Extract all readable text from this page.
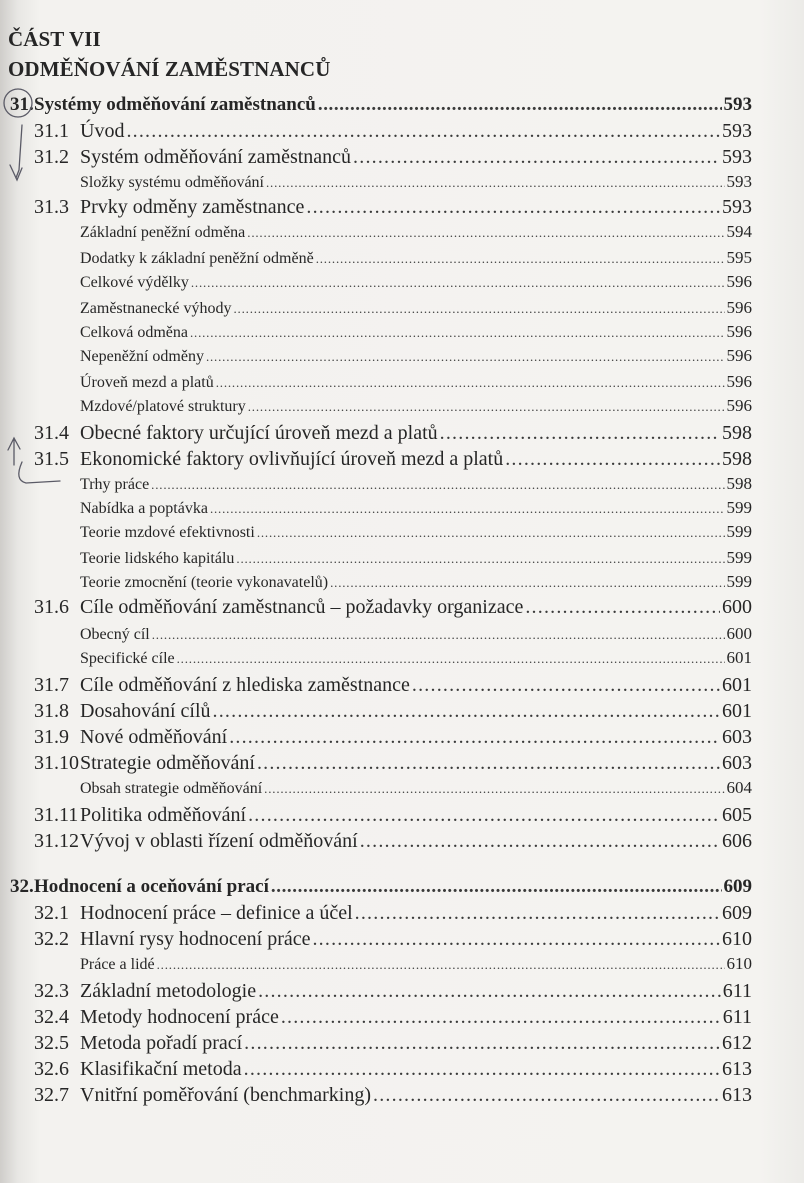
ČÁST VII
ODMĚŇOVÁNÍ ZAMĚSTNANCŮ
31. Systémy odměňování zaměstnanců .....	593
31.1 Úvod .....	593
31.2 Systém odměňování zaměstnanců .....	593
Složky systému odměňování .....	593
31.3 Prvky odměny zaměstnance .....	593
Základní peněžní odměna .....	594
Dodatky k základní peněžní odměně .....	595
Celkové výdělky .....	596
Zaměstnanecké výhody .....	596
Celková odměna .....	596
Nepeněžní odměny .....	596
Úroveň mezd a platů .....	596
Mzdové/platové struktury .....	596
31.4 Obecné faktory určující úroveň mezd a platů .....	598
31.5 Ekonomické faktory ovlivňující úroveň mezd a platů .....	598
Trhy práce .....	598
Nabídka a poptávka .....	599
Teorie mzdové efektivnosti .....	599
Teorie lidského kapitálu .....	599
Teorie zmocnění (teorie vykonavatelů) .....	599
31.6 Cíle odměňování zaměstnanců – požadavky organizace .....	600
Obecný cíl .....	600
Specifické cíle .....	601
31.7 Cíle odměňování z hlediska zaměstnance .....	601
31.8 Dosahování cílů .....	601
31.9 Nové odměňování .....	603
31.10 Strategie odměňování .....	603
Obsah strategie odměňování .....	604
31.11 Politika odměňování .....	605
31.12 Vývoj v oblasti řízení odměňování .....	606
32. Hodnocení a oceňování prací .....	609
32.1 Hodnocení práce – definice a účel .....	609
32.2 Hlavní rysy hodnocení práce .....	610
Práce a lidé .....	610
32.3 Základní metodologie .....	611
32.4 Metody hodnocení práce .....	611
32.5 Metoda pořadí prací .....	612
32.6 Klasifikační metoda .....	613
32.7 Vnitřní poměřování (benchmarking) .....	613
